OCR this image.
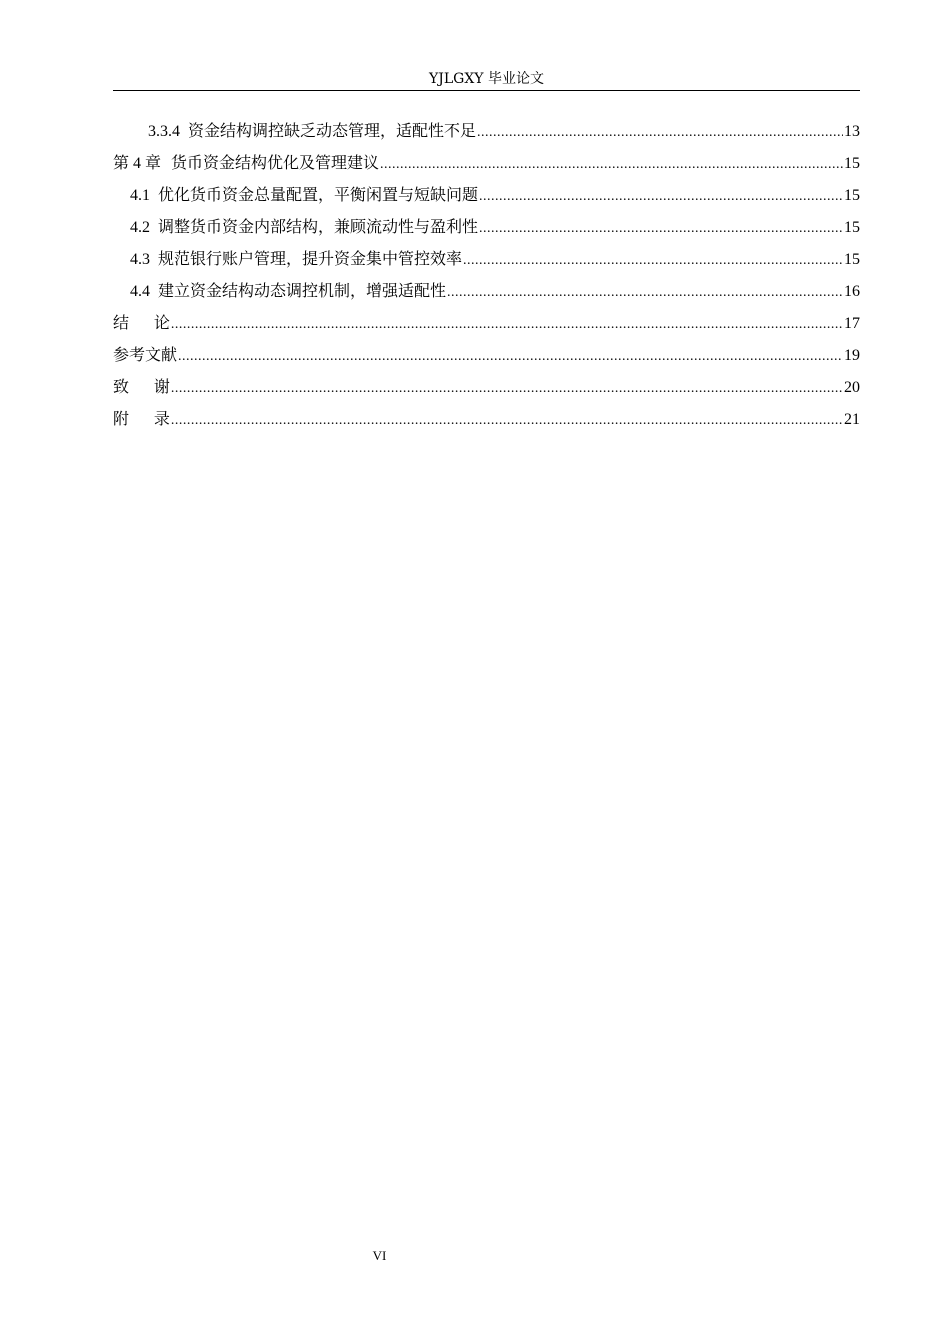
YJLGXY 毕业论文
3.3.4 资金结构调控缺乏动态管理，适配性不足 .....	13
第 4 章 货币资金结构优化及管理建议 .....	15
4.1 优化货币资金总量配置，平衡闲置与短缺问题 .....	15
4.2 调整货币资金内部结构，兼顾流动性与盈利性 .....	15
4.3 规范银行账户管理，提升资金集中管控效率 .....	15
4.4 建立资金结构动态调控机制，增强适配性 .....	16
结论 .....	17
参考文献 .....	19
致谢 .....	20
附录 .....	21
VI
